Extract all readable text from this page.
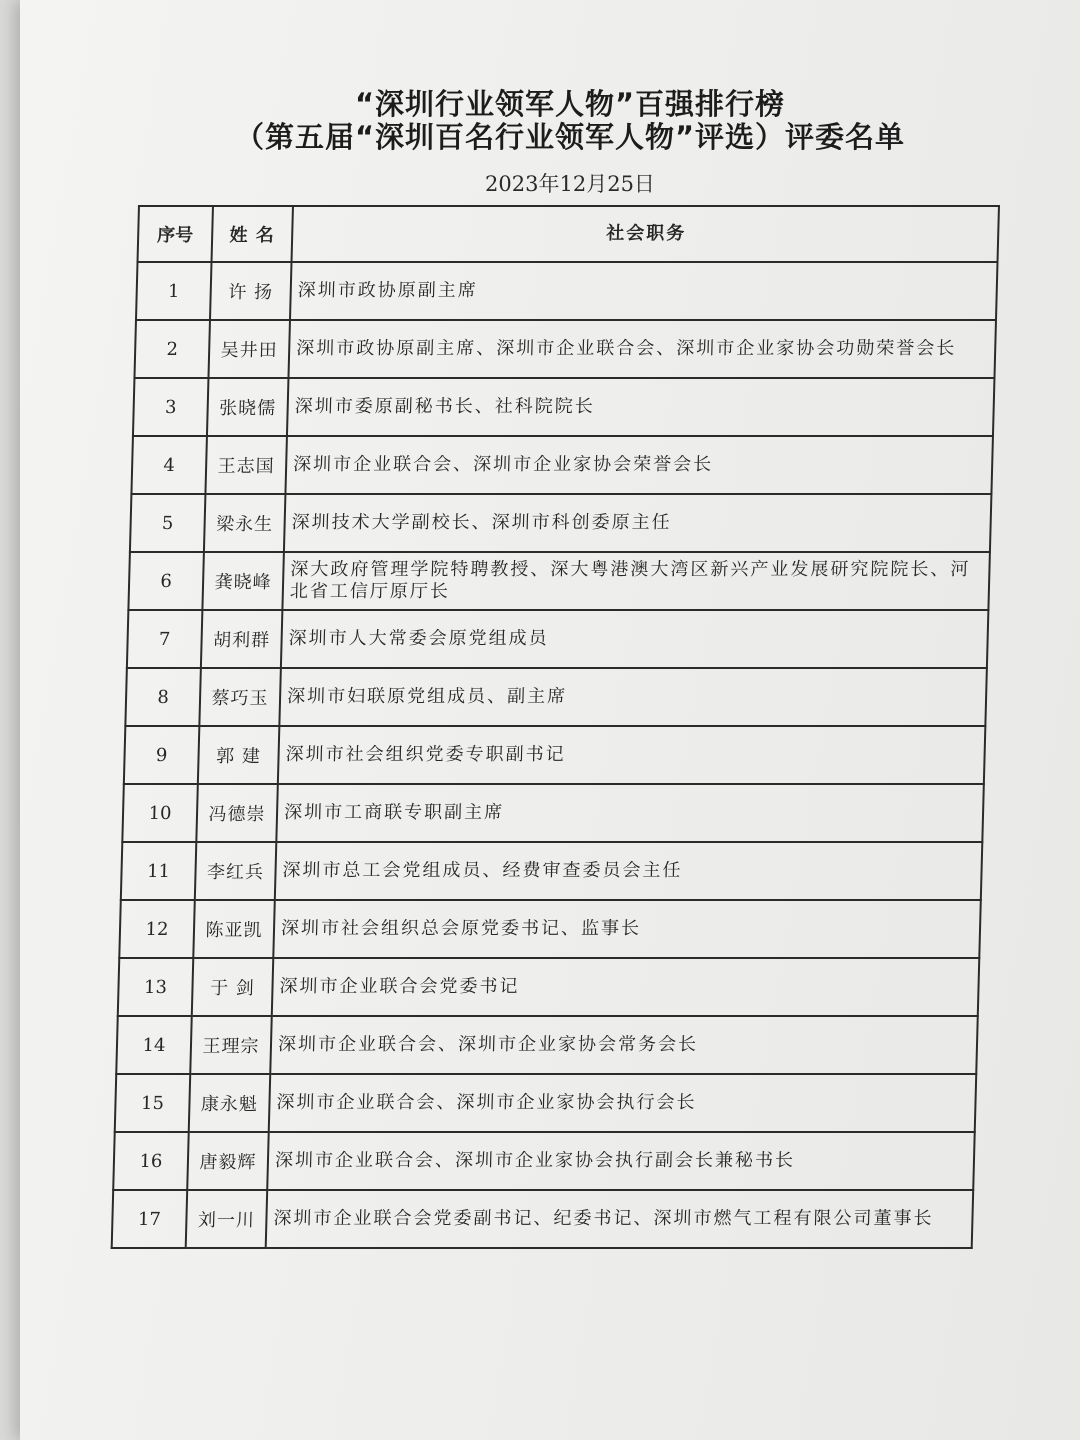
“深圳行业领军人物”百强排行榜
（第五届“深圳百名行业领军人物”评选）评委名单
2023年12月25日
序号	姓 名	社会职务
1	许 扬	深圳市政协原副主席
2	吴井田	深圳市政协原副主席、深圳市企业联合会、深圳市企业家协会功勋荣誉会长
3	张晓儒	深圳市委原副秘书长、社科院院长
4	王志国	深圳市企业联合会、深圳市企业家协会荣誉会长
5	梁永生	深圳技术大学副校长、深圳市科创委原主任
6	龚晓峰	深大政府管理学院特聘教授、深大粤港澳大湾区新兴产业发展研究院院长、河北省工信厅原厅长
7	胡利群	深圳市人大常委会原党组成员
8	蔡巧玉	深圳市妇联原党组成员、副主席
9	郭 建	深圳市社会组织党委专职副书记
10	冯德崇	深圳市工商联专职副主席
11	李红兵	深圳市总工会党组成员、经费审查委员会主任
12	陈亚凯	深圳市社会组织总会原党委书记、监事长
13	于 剑	深圳市企业联合会党委书记
14	王理宗	深圳市企业联合会、深圳市企业家协会常务会长
15	康永魁	深圳市企业联合会、深圳市企业家协会执行会长
16	唐毅辉	深圳市企业联合会、深圳市企业家协会执行副会长兼秘书长
17	刘一川	深圳市企业联合会党委副书记、纪委书记、深圳市燃气工程有限公司董事长
